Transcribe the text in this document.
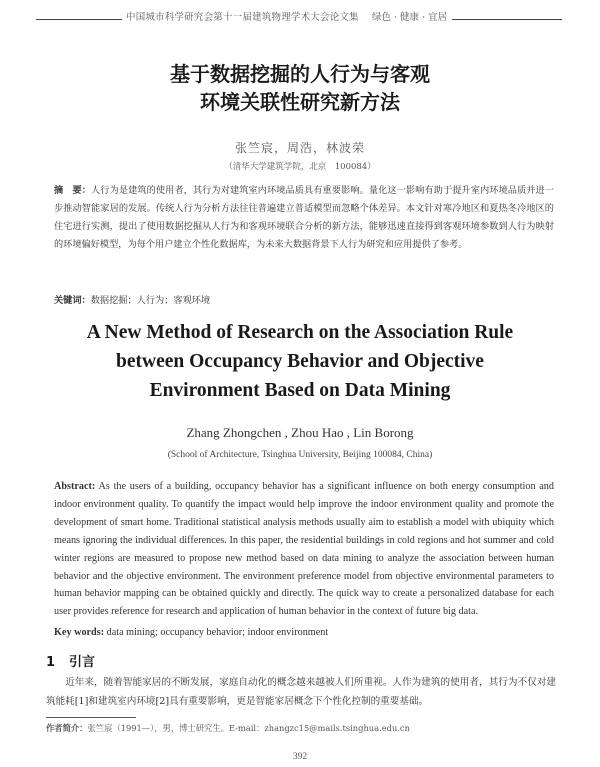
中国城市科学研究会第十一届建筑物理学术大会论文集 绿色 · 健康 · 宜居
基于数据挖掘的人行为与客观
环境关联性研究新方法
张竺宸，周浩，林波荣
（清华大学建筑学院，北京　100084）
摘　要：人行为是建筑的使用者，其行为对建筑室内环境品质具有重要影响。量化这一影响有助于提升室内环境品质并进一步推动智能家居的发展。传统人行为分析方法往往普遍建立普适模型而忽略个体差异。本文针对寒冷地区和夏热冬冷地区的住宅进行实测，提出了使用数据挖掘从人行为和客观环境联合分析的新方法，能够迅速直接得到客观环境参数到人行为映射的环境偏好模型，为每个用户建立个性化数据库，为未来大数据背景下人行为研究和应用提供了参考。
关键词：数据挖掘；人行为；客观环境
A New Method of Research on the Association Rule
between Occupancy Behavior and Objective
Environment Based on Data Mining
Zhang Zhongchen , Zhou Hao , Lin Borong
(School of Architecture, Tsinghua University, Beijing 100084, China)
Abstract: As the users of a building, occupancy behavior has a significant influence on both energy consumption and indoor environment quality. To quantify the impact would help improve the indoor environment quality and promote the development of smart home. Traditional statistical analysis methods usually aim to establish a model with ubiquity which means ignoring the individual differences. In this paper, the residential buildings in cold regions and hot summer and cold winter regions are measured to propose new method based on data mining to analyze the association between human behavior and the objective environment. The environment preference model from objective environmental parameters to human behavior mapping can be obtained quickly and directly. The quick way to create a personalized database for each user provides reference for research and application of human behavior in the context of future big data.
Key words: data mining; occupancy behavior; indoor environment
1 引言
近年来，随着智能家居的不断发展，家庭自动化的概念越来越被人们所重视。人作为建筑的使用者，其行为不仅对建筑能耗[1]和建筑室内环境[2]具有重要影响，更是智能家居概念下个性化控制的重要基础。
作者简介：张竺宸（1991—），男，博士研究生。E-mail：zhangzc15@mails.tsinghua.edu.cn
392
